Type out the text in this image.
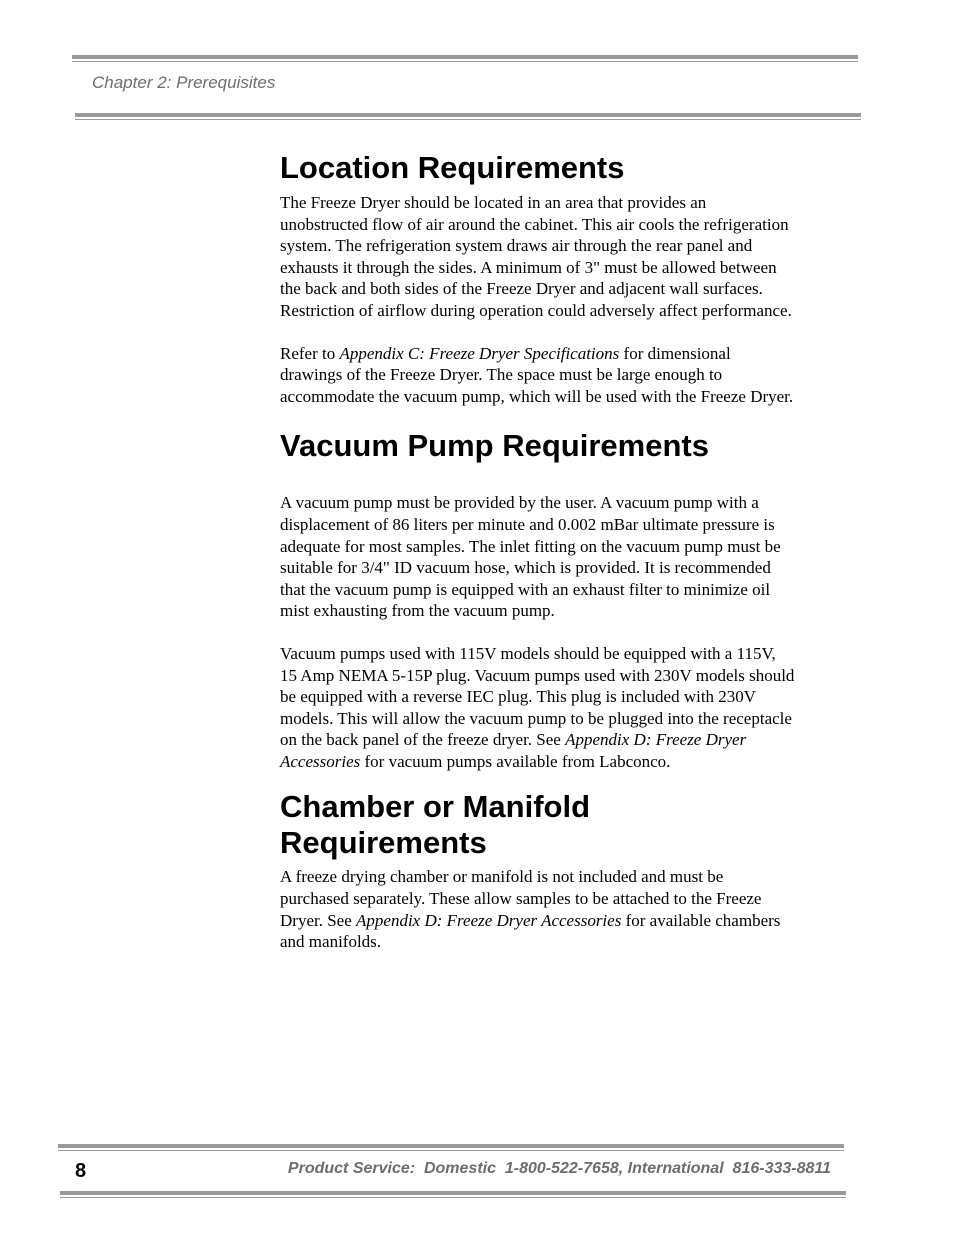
Chapter 2: Prerequisites
Location Requirements

The Freeze Dryer should be located in an area that provides an unobstructed flow of air around the cabinet. This air cools the refrigeration system. The refrigeration system draws air through the rear panel and exhausts it through the sides. A minimum of 3" must be allowed between the back and both sides of the Freeze Dryer and adjacent wall surfaces. Restriction of airflow during operation could adversely affect performance.

Refer to Appendix C: Freeze Dryer Specifications for dimensional drawings of the Freeze Dryer. The space must be large enough to accommodate the vacuum pump, which will be used with the Freeze Dryer.

Vacuum Pump Requirements

A vacuum pump must be provided by the user. A vacuum pump with a displacement of 86 liters per minute and 0.002 mBar ultimate pressure is adequate for most samples. The inlet fitting on the vacuum pump must be suitable for 3/4" ID vacuum hose, which is provided. It is recommended that the vacuum pump is equipped with an exhaust filter to minimize oil mist exhausting from the vacuum pump.

Vacuum pumps used with 115V models should be equipped with a 115V, 15 Amp NEMA 5-15P plug. Vacuum pumps used with 230V models should be equipped with a reverse IEC plug. This plug is included with 230V models. This will allow the vacuum pump to be plugged into the receptacle on the back panel of the freeze dryer. See Appendix D: Freeze Dryer Accessories for vacuum pumps available from Labconco.

Chamber or Manifold
Requirements

A freeze drying chamber or manifold is not included and must be purchased separately. These allow samples to be attached to the Freeze Dryer. See Appendix D: Freeze Dryer Accessories for available chambers and manifolds.

8	Product Service:  Domestic  1-800-522-7658, International  816-333-8811
